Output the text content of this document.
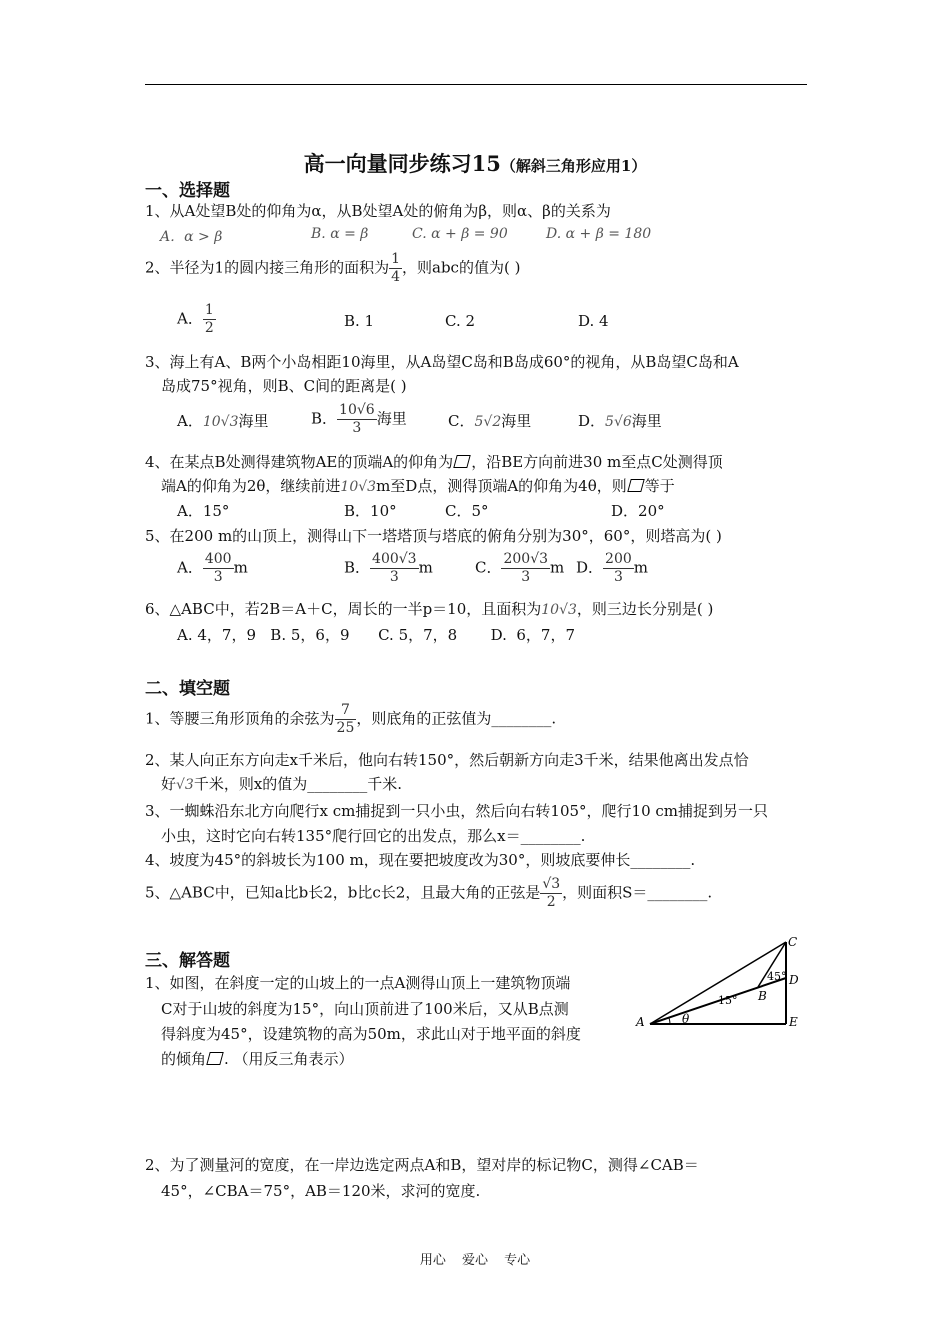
高一向量同步练习15（解斜三角形应用1）
一、选择题
1、从A处望B处的仰角为α，从B处望A处的俯角为β，则α、β的关系为
A．α > β	B. α = β	C. α + β = 90	D. α + β = 180
2、半径为1的圆内接三角形的面积为 $\frac{1}{4}$ ，则abc的值为( )
A． $\frac{1}{2}$	B. 1	C. 2	D. 4
3、海上有A、B两个小岛相距10海里，从A岛望C岛和B岛成60°的视角，从B岛望C岛和A
岛成75°视角，则B、C间的距离是( )
A．10√3海里	B． $\frac{10√6}{3}$ 海里	C．5√2海里	D．5√6海里
4、在某点B处测得建筑物AE的顶端A的仰角为 ，沿BE方向前进30 m至点C处测得顶
端A的仰角为2θ，继续前进10√3m至D点，测得顶端A的仰角为4θ，则 等于
A．15°	B．10°	C．5°	D．20°
5、在200 m的山顶上，测得山下一塔塔顶与塔底的俯角分别为30°，60°，则塔高为( )
A． $\frac{400}{3}$ m	B． $\frac{400√3}{3}$ m	C． $\frac{200√3}{3}$ m D． $\frac{200}{3}$ m
6、△ABC中，若2B＝A＋C，周长的一半p＝10，且面积为10√3，则三边长分别是( )
A. 4，7，9   B. 5，6，9      C. 5，7，8       D.  6，7，7
二、填空题
1、等腰三角形顶角的余弦为 $\frac{7}{25}$ ，则底角的正弦值为________.
2、某人向正东方向走x千米后，他向右转150°，然后朝新方向走3千米，结果他离出发点恰
好√3千米，则x的值为________千米.
3、一蜘蛛沿东北方向爬行x cm捕捉到一只小虫，然后向右转105°，爬行10 cm捕捉到另一只
小虫，这时它向右转135°爬行回它的出发点，那么x＝________.
4、坡度为45°的斜坡长为100 m，现在要把坡度改为30°，则坡底要伸长________.
5、△ABC中，已知a比b长2，b比c长2，且最大角的正弦是 $\frac{√3}{2}$ ，则面积S＝________.
三、解答题
1、如图，在斜度一定的山坡上的一点A测得山顶上一建筑物顶端
C对于山坡的斜度为15°，向山顶前进了100米后，又从B点测
得斜度为45°，设建筑物的高为50m，求此山对于地平面的斜度
的倾角 . （用反三角表示）
A
B
C
D
E
15°
45°
θ
2、为了测量河的宽度，在一岸边选定两点A和B，望对岸的标记物C，测得∠CAB＝
45°，∠CBA＝75°，AB＝120米，求河的宽度.
用心 爱心 专心
